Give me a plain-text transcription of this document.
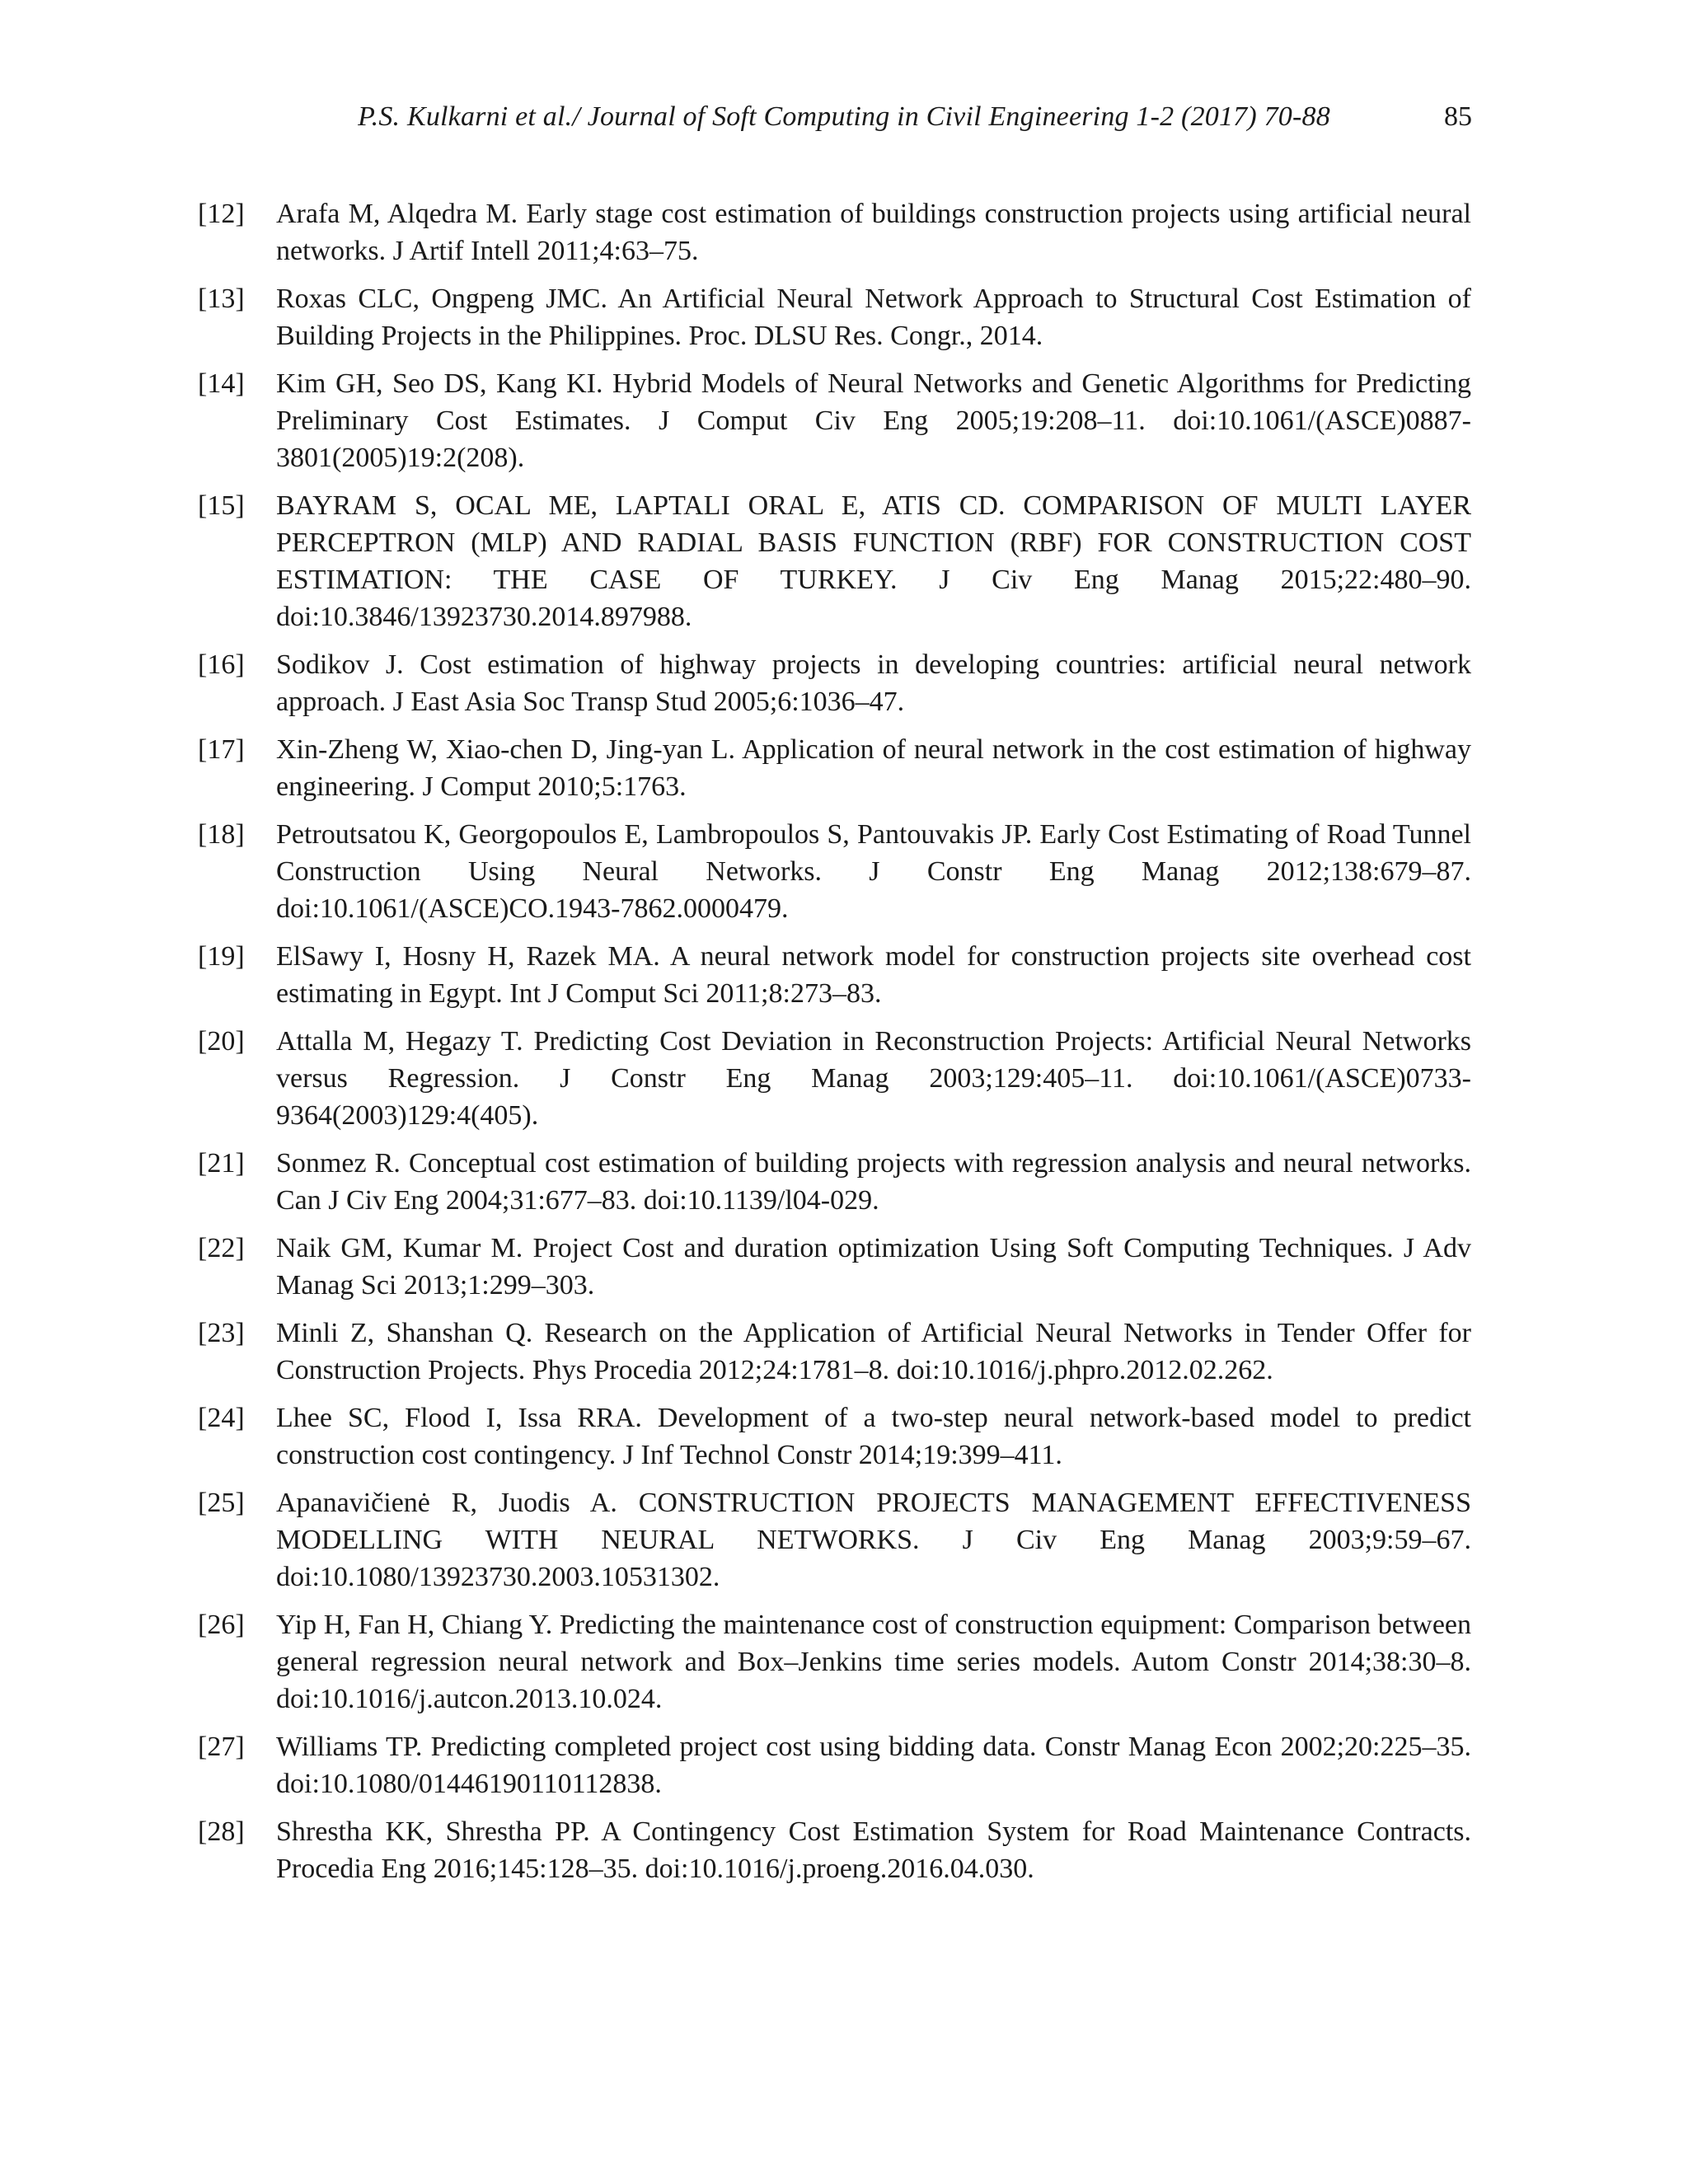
P.S. Kulkarni et al./ Journal of Soft Computing in Civil Engineering 1-2 (2017) 70-88	85
[12] Arafa M, Alqedra M. Early stage cost estimation of buildings construction projects using artificial neural networks. J Artif Intell 2011;4:63–75.
[13] Roxas CLC, Ongpeng JMC. An Artificial Neural Network Approach to Structural Cost Estimation of Building Projects in the Philippines. Proc. DLSU Res. Congr., 2014.
[14] Kim GH, Seo DS, Kang KI. Hybrid Models of Neural Networks and Genetic Algorithms for Predicting Preliminary Cost Estimates. J Comput Civ Eng 2005;19:208–11. doi:10.1061/(ASCE)0887-3801(2005)19:2(208).
[15] BAYRAM S, OCAL ME, LAPTALI ORAL E, ATIS CD. COMPARISON OF MULTI LAYER PERCEPTRON (MLP) AND RADIAL BASIS FUNCTION (RBF) FOR CONSTRUCTION COST ESTIMATION: THE CASE OF TURKEY. J Civ Eng Manag 2015;22:480–90. doi:10.3846/13923730.2014.897988.
[16] Sodikov J. Cost estimation of highway projects in developing countries: artificial neural network approach. J East Asia Soc Transp Stud 2005;6:1036–47.
[17] Xin-Zheng W, Xiao-chen D, Jing-yan L. Application of neural network in the cost estimation of highway engineering. J Comput 2010;5:1763.
[18] Petroutsatou K, Georgopoulos E, Lambropoulos S, Pantouvakis JP. Early Cost Estimating of Road Tunnel Construction Using Neural Networks. J Constr Eng Manag 2012;138:679–87. doi:10.1061/(ASCE)CO.1943-7862.0000479.
[19] ElSawy I, Hosny H, Razek MA. A neural network model for construction projects site overhead cost estimating in Egypt. Int J Comput Sci 2011;8:273–83.
[20] Attalla M, Hegazy T. Predicting Cost Deviation in Reconstruction Projects: Artificial Neural Networks versus Regression. J Constr Eng Manag 2003;129:405–11. doi:10.1061/(ASCE)0733-9364(2003)129:4(405).
[21] Sonmez R. Conceptual cost estimation of building projects with regression analysis and neural networks. Can J Civ Eng 2004;31:677–83. doi:10.1139/l04-029.
[22] Naik GM, Kumar M. Project Cost and duration optimization Using Soft Computing Techniques. J Adv Manag Sci 2013;1:299–303.
[23] Minli Z, Shanshan Q. Research on the Application of Artificial Neural Networks in Tender Offer for Construction Projects. Phys Procedia 2012;24:1781–8. doi:10.1016/j.phpro.2012.02.262.
[24] Lhee SC, Flood I, Issa RRA. Development of a two-step neural network-based model to predict construction cost contingency. J Inf Technol Constr 2014;19:399–411.
[25] Apanavičienė R, Juodis A. CONSTRUCTION PROJECTS MANAGEMENT EFFECTIVENESS MODELLING WITH NEURAL NETWORKS. J Civ Eng Manag 2003;9:59–67. doi:10.1080/13923730.2003.10531302.
[26] Yip H, Fan H, Chiang Y. Predicting the maintenance cost of construction equipment: Comparison between general regression neural network and Box–Jenkins time series models. Autom Constr 2014;38:30–8. doi:10.1016/j.autcon.2013.10.024.
[27] Williams TP. Predicting completed project cost using bidding data. Constr Manag Econ 2002;20:225–35. doi:10.1080/01446190110112838.
[28] Shrestha KK, Shrestha PP. A Contingency Cost Estimation System for Road Maintenance Contracts. Procedia Eng 2016;145:128–35. doi:10.1016/j.proeng.2016.04.030.
